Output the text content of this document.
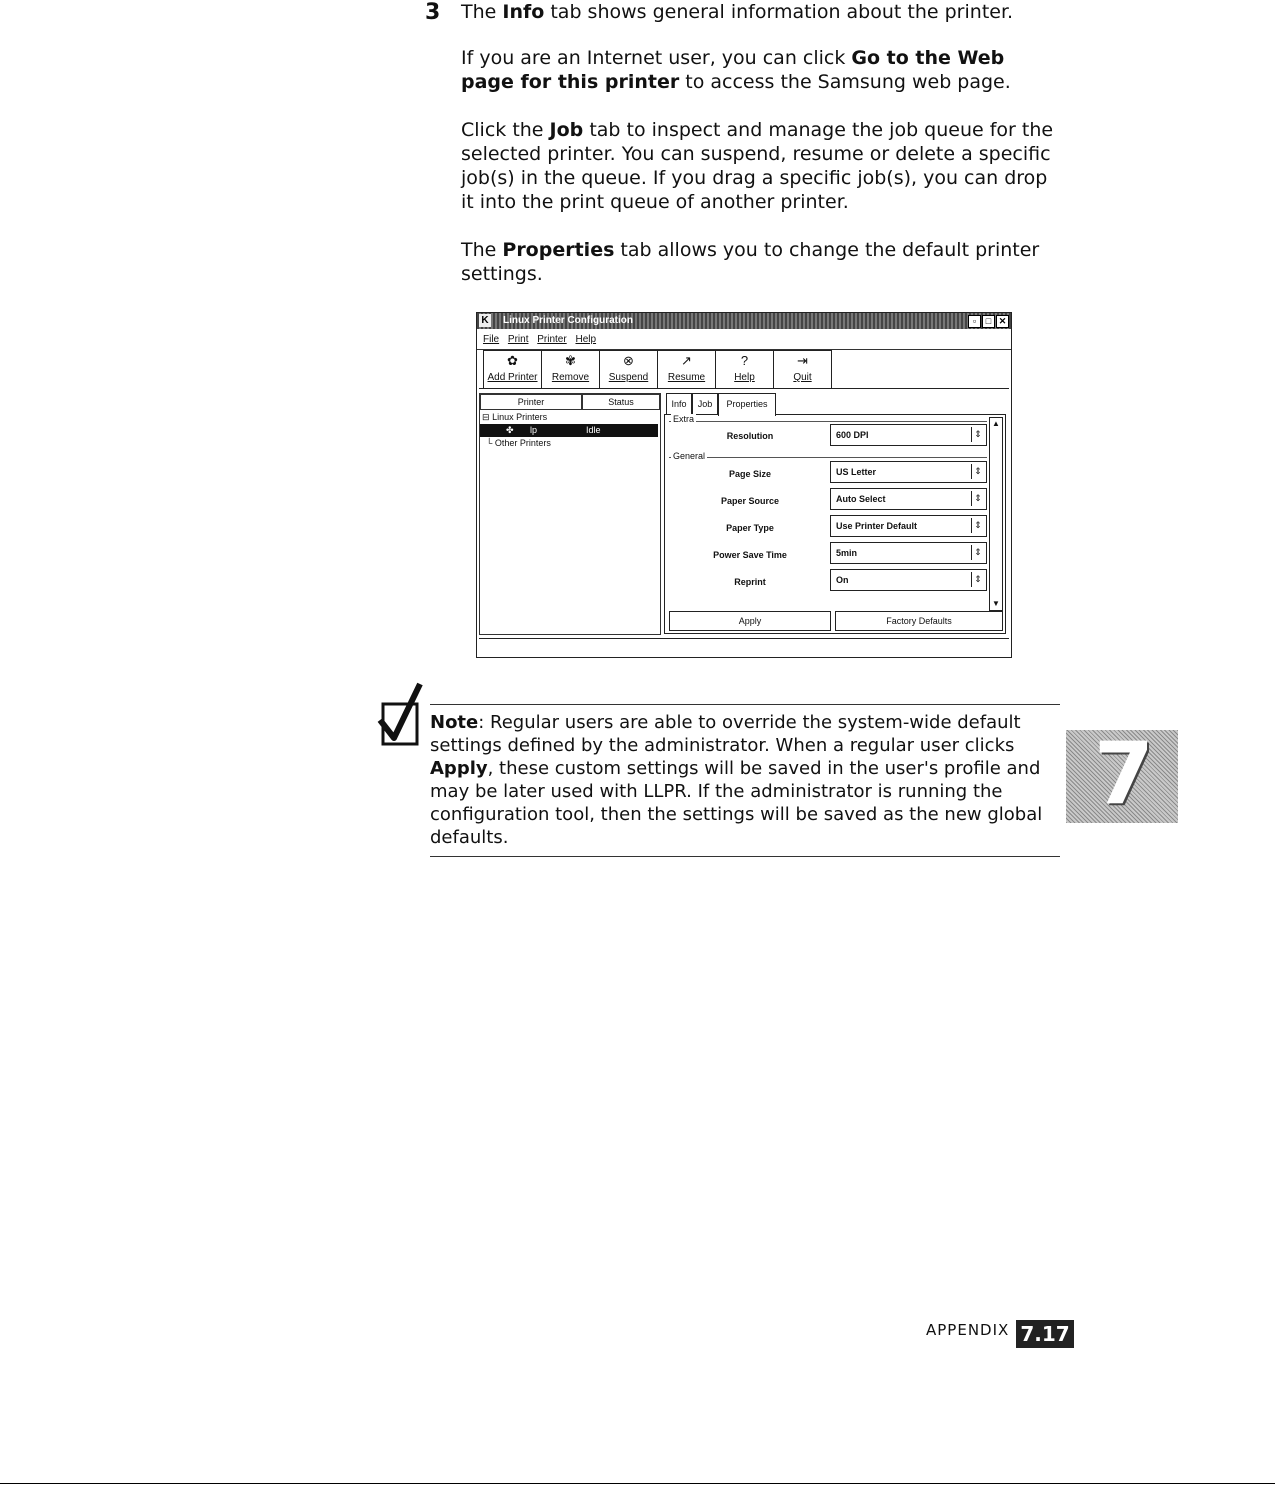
3 The Info tab shows general information about the printer.
If you are an Internet user, you can click Go to the Web page for this printer to access the Samsung web page.
Click the Job tab to inspect and manage the job queue for the selected printer. You can suspend, resume or delete a specific job(s) in the queue. If you drag a specific job(s), you can drop it into the print queue of another printer.
The Properties tab allows you to change the default printer settings.
K Linux Printer Configuration	▫	□ ✕
File Print Printer Help
✿
Add Printer
✾
Remove
⊗
Suspend
↗
Resume
?
Help
⇥
Quit
Printer	Status
⊟ Linux Printers
✤ lp	Idle
└ Other Printers
Info	Job	Properties
Extra
Resolution	600 DPI	⇕
General
Page Size	US Letter	⇕
Paper Source	Auto Select	⇕
Paper Type	Use Printer Default	⇕
Power Save Time	5min	⇕
Reprint	On	⇕
▲
▼
Apply	Factory Defaults
Note: Regular users are able to override the system-wide default settings defined by the administrator. When a regular user clicks Apply, these custom settings will be saved in the user's profile and may be later used with LLPR. If the administrator is running the configuration tool, then the settings will be saved as the new global defaults.
7
APPENDIX 7.17
